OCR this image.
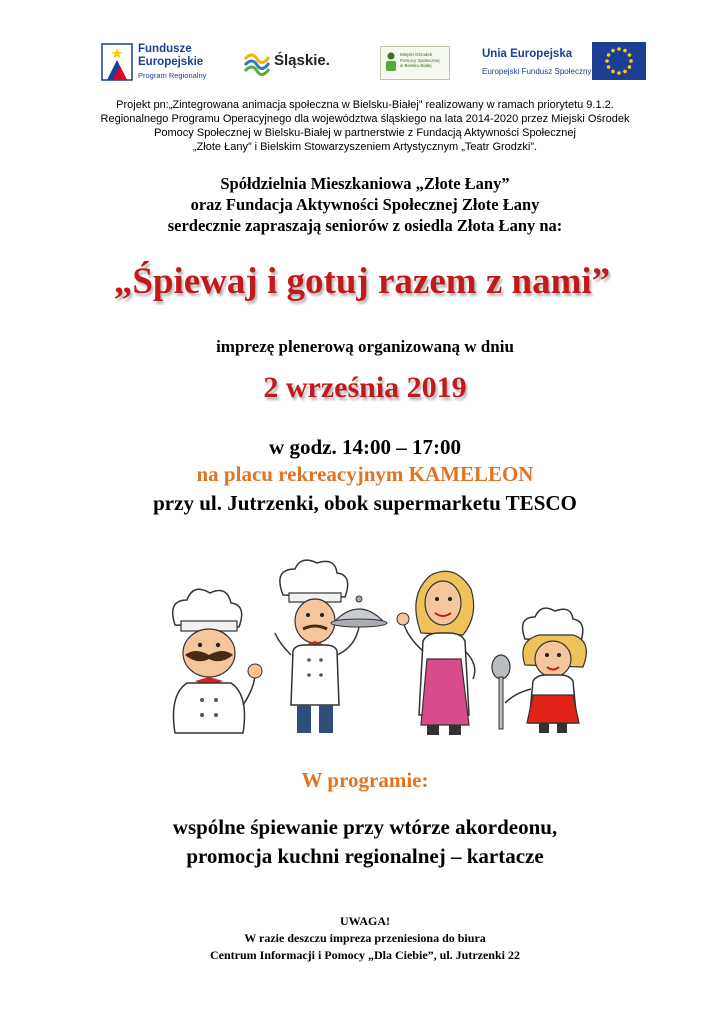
Fundusze
Europejskie
Program Regionalny
Śląskie.	Miejski Ośrodek
Pomocy Społecznej
w Bielsku-Białej
Unia Europejska
Europejski Fundusz Społeczny
Projekt pn:„Zintegrowana animacja społeczna w Bielsku-Białej” realizowany w ramach priorytetu 9.1.2.
Regionalnego Programu Operacyjnego dla województwa śląskiego na lata 2014-2020 przez Miejski Ośrodek
Pomocy Społecznej w Bielsku-Białej w partnerstwie z Fundacją Aktywności Społecznej
„Złote Łany” i Bielskim Stowarzyszeniem Artystycznym „Teatr Grodzki”.
Spółdzielnia Mieszkaniowa „Złote Łany”
oraz Fundacja Aktywności Społecznej Złote Łany
serdecznie zapraszają seniorów z osiedla Złota Łany na:
„Śpiewaj i gotuj razem z nami”
imprezę plenerową organizowaną w dniu
2 września 2019
w godz. 14:00 – 17:00
na placu rekreacyjnym KAMELEON
przy ul. Jutrzenki, obok supermarketu TESCO
W programie:
wspólne śpiewanie przy wtórze akordeonu,
promocja kuchni regionalnej – kartacze
UWAGA!
W razie deszczu impreza przeniesiona do biura
Centrum Informacji i Pomocy „Dla Ciebie”, ul. Jutrzenki 22
